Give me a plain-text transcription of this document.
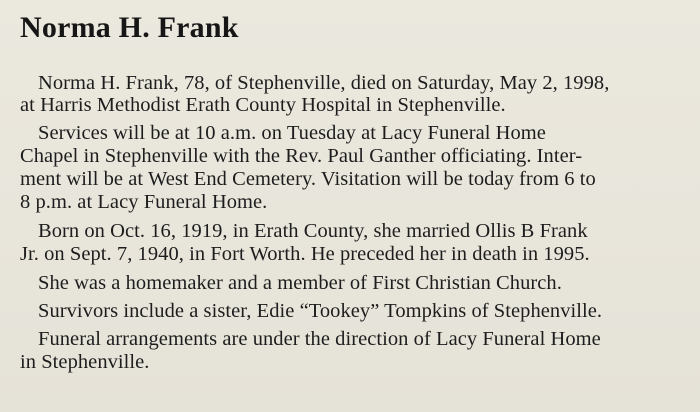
Norma H. Frank
Norma H. Frank, 78, of Stephenville, died on Saturday, May 2, 1998,
at Harris Methodist Erath County Hospital in Stephenville.
Services will be at 10 a.m. on Tuesday at Lacy Funeral Home
Chapel in Stephenville with the Rev. Paul Ganther officiating. Inter-
ment will be at West End Cemetery. Visitation will be today from 6 to
8 p.m. at Lacy Funeral Home.
Born on Oct. 16, 1919, in Erath County, she married Ollis B Frank
Jr. on Sept. 7, 1940, in Fort Worth. He preceded her in death in 1995.
She was a homemaker and a member of First Christian Church.
Survivors include a sister, Edie “Tookey” Tompkins of Stephenville.
Funeral arrangements are under the direction of Lacy Funeral Home
in Stephenville.
